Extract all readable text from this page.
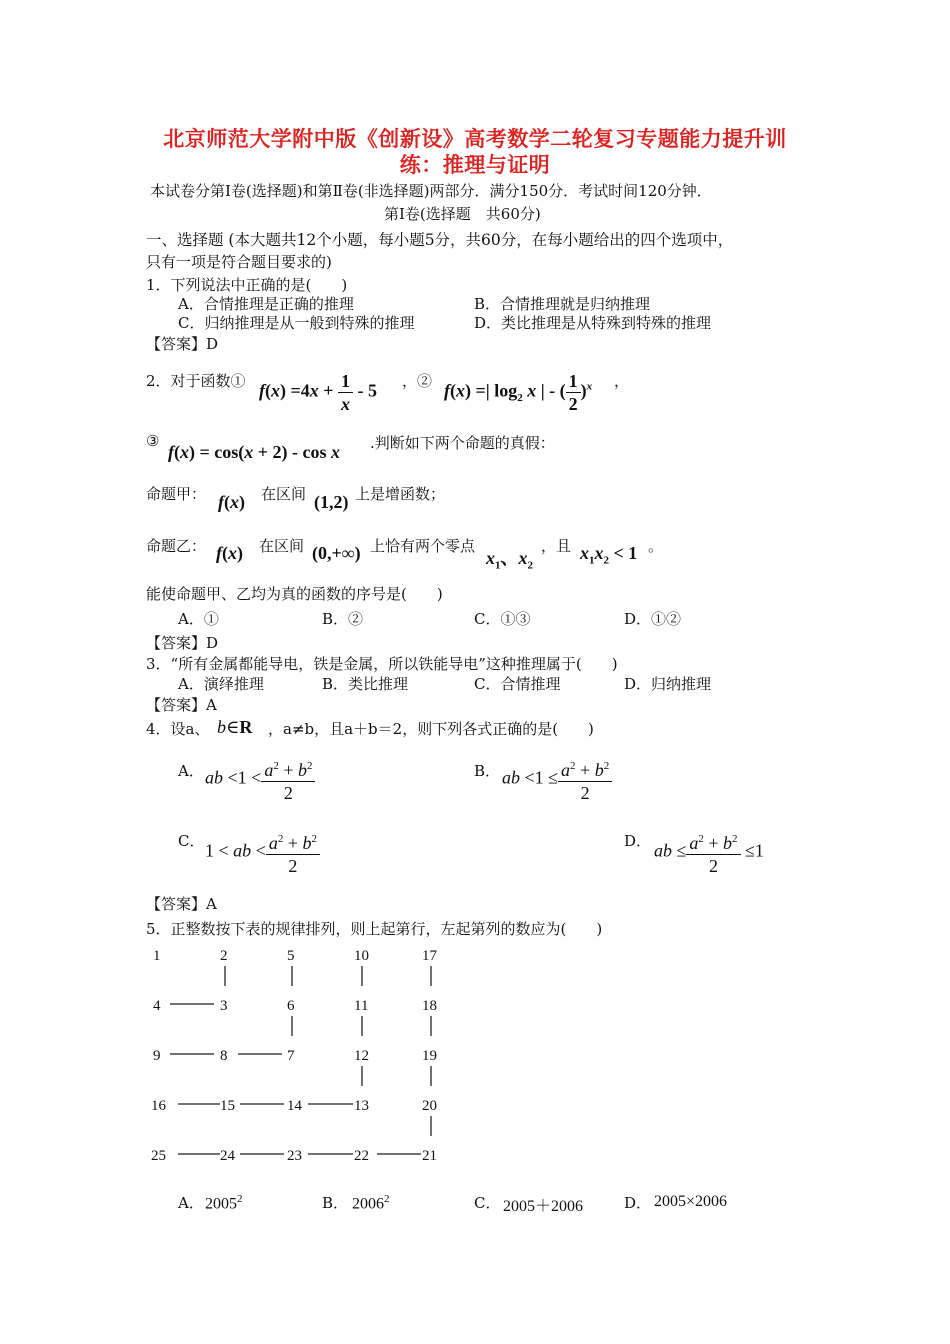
北京师范大学附中版《创新设》高考数学二轮复习专题能力提升训
练：推理与证明
本试卷分第Ⅰ卷(选择题)和第Ⅱ卷(非选择题)两部分．满分150分．考试时间120分钟．
第Ⅰ卷(选择题　共60分)
一、选择题 (本大题共12个小题，每小题5分，共60分，在每小题给出的四个选项中，
只有一项是符合题目要求的)
1．下列说法中正确的是(　　)
A．合情推理是正确的推理	B．合情推理就是归纳推理
C．归纳推理是从一般到特殊的推理	D．类比推理是从特殊到特殊的推理
【答案】D
2．对于函数① $f(x) =4x + \frac{1}{x} - 5$ ，② f(x) =| $\log_2 x$ | - ( $\frac{1}{2} )^x$ ，
③
f(x) = cos(x + 2) - cos x .判断如下两个命题的真假：
命题甲： f(x) 在区间 (1,2) 上是增函数；
命题乙： f(x) 在区间 (0,+∞) 上恰有两个零点
$x_1$、$x_2$
，且 $x_1x_2 < 1$ 。
能使命题甲、乙均为真的函数的序号是(　　)
A．①	B．②	C．①③	D．①②
【答案】D
3．“所有金属都能导电，铁是金属，所以铁能导电”这种推理属于(　　)
A．演绎推理	B．类比推理	C．合情推理	D．归纳推理
【答案】A
4．设a、 b∈R ，a≠b，且a＋b＝2，则下列各式正确的是(　　)
A． ab $<1 < \frac{a^2 + b^2}{2}$	B． ab $<1 \le \frac{a^2 + b^2}{2}$
C． 1 < ab < $\frac{a^2 + b^2}{2}$	D． ab ≤ $\frac{a^2 + b^2}{2} \le 1$
【答案】A
5．正整数按下表的规律排列，则上起第行，左起第列的数应为(　　)
1	2	5	10	17
4	3	6	11	18
9	8	7	12	19
16	15	14	13	20
25	24	23	22	21
A． 2005$^2$	B． 2006$^2$	C． 2005＋2006	D． 2005×2006
